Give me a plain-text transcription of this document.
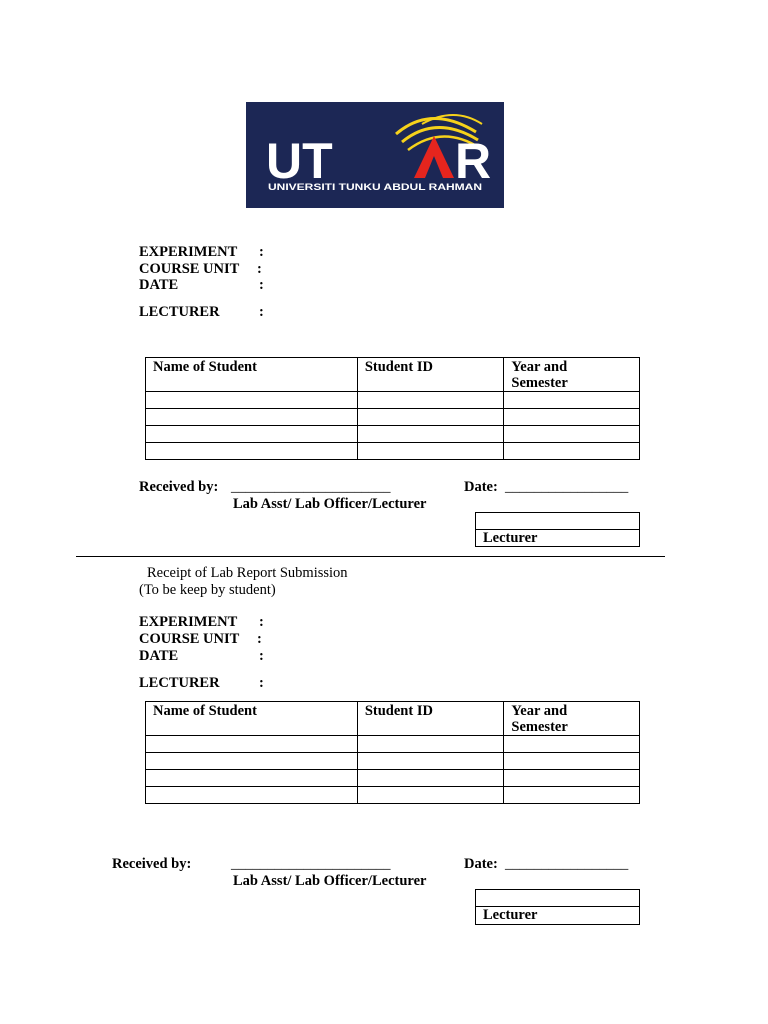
UT R
UNIVERSITI TUNKU ABDUL RAHMAN
EXPERIMENT :
COURSE UNIT :
DATE	:
LECTURER	:
Name of Student	Student ID	Year and
Semester

Received by: ______________________	Date: _________________
Lab Asst/ Lab Officer/Lecturer
Lecturer
Receipt of Lab Report Submission
(To be keep by student)
EXPERIMENT :
COURSE UNIT :
DATE	:
LECTURER	:
Name of Student	Student ID	Year and
Semester

Received by:	______________________	Date: _________________
Lab Asst/ Lab Officer/Lecturer
Lecturer
